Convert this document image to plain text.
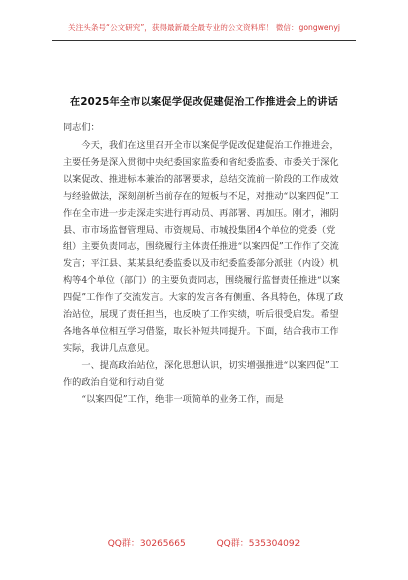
关注头条号“公文研究”，获得最新最全最专业的公文资料库！ 微信：gongwenyj
在2025年全市以案促学促改促建促治工作推进会上的讲话
同志们：

今天，我们在这里召开全市以案促学促改促建促治工作推进会，主要任务是深入贯彻中央纪委国家监委和省纪委监委、市委关于深化以案促改、推进标本兼治的部署要求，总结交流前一阶段的工作成效与经验做法，深刻剖析当前存在的短板与不足，对推动“以案四促”工作在全市进一步走深走实进行再动员、再部署、再加压。刚才，湘阴县、市市场监督管理局、市资规局、市城投集团4个单位的党委（党组）主要负责同志，围绕履行主体责任推进“以案四促”工作作了交流发言；平江县、某某县纪委监委以及市纪委监委部分派驻（内设）机构等4个单位（部门）的主要负责同志，围绕履行监督责任推进“以案四促”工作作了交流发言。大家的发言各有侧重、各具特色，体现了政治站位，展现了责任担当，也反映了工作实绩，听后很受启发。希望各地各单位相互学习借鉴，取长补短共同提升。下面，结合我市工作实际，我讲几点意见。

一、提高政治站位，深化思想认识，切实增强推进“以案四促”工作的政治自觉和行动自觉

“以案四促”工作，绝非一项简单的业务工作，而是

QQ群：30265665	QQ群：535304092
